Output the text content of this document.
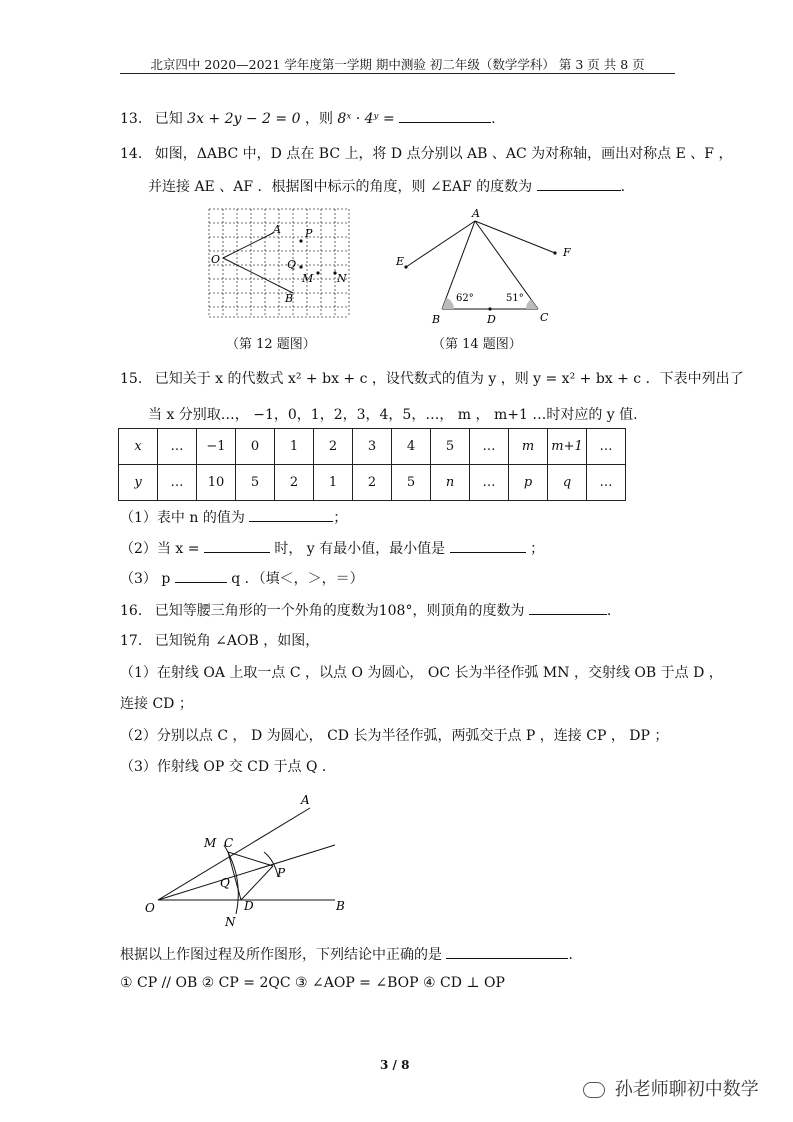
北京四中 2020—2021 学年度第一学期 期中测验 初二年级（数学学科） 第 3 页 共 8 页
13. 已知 3x + 2y − 2 = 0 ，则 8ˣ · 4ʸ =	.
14. 如图，ΔABC 中，D 点在 BC 上，将 D 点分别以 AB 、AC 为对称轴，画出对称点 E 、F ，
并连接 AE 、AF ．根据图中标示的角度，则 ∠EAF 的度数为	.
A
O
P
Q
M N
B
（第 12 题图）
A
E
F
B	C
D
62°	51°
（第 14 题图）
15. 已知关于 x 的代数式 x² + bx + c ，设代数式的值为 y ，则 y = x² + bx + c ．下表中列出了
当 x 分别取…， −1，0，1，2，3，4，5，…， m ， m+1 …时对应的 y 值.
x	…	−1	0	1	2	3	4	5	…	m	m+1	…
y	…	10	5	2	1	2	5	n	…	p	q	…
（1）表中 n 的值为	；
（2）当 x =	时， y 有最小值，最小值是	；
（3） p	q ．（填＜，＞，＝）
16. 已知等腰三角形的一个外角的度数为108°，则顶角的度数为	.
17. 已知锐角 ∠AOB ，如图，
（1）在射线 OA 上取一点 C ，以点 O 为圆心， OC 长为半径作弧 MN ，交射线 OB 于点 D ，
连接 CD ；
（2）分别以点 C ， D 为圆心， CD 长为半径作弧，两弧交于点 P ，连接 CP ， DP ；
（3）作射线 OP 交 CD 于点 Q .
A
M C
P
Q
O	D	B
N
根据以上作图过程及所作图形，下列结论中正确的是	.
① CP // OB ② CP = 2QC ③ ∠AOP = ∠BOP ④ CD ⊥ OP
3 / 8
孙老师聊初中数学
